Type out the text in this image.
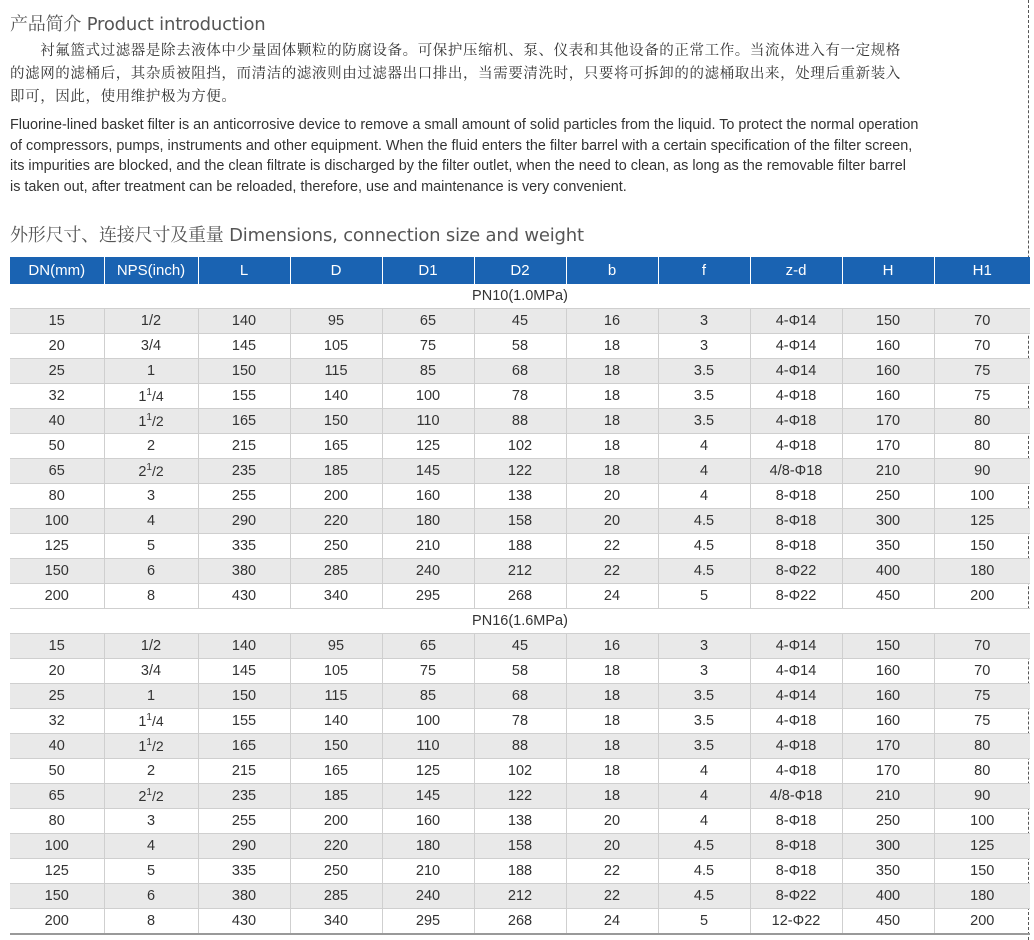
产品简介 Product introduction
　　衬氟篮式过滤器是除去液体中少量固体颗粒的防腐设备。可保护压缩机、泵、仪表和其他设备的正常工作。当流体进入有一定规格
的滤网的滤桶后，其杂质被阻挡，而清洁的滤液则由过滤器出口排出，当需要清洗时，只要将可拆卸的的滤桶取出来，处理后重新装入
即可，因此，使用维护极为方便。
Fluorine-lined basket filter is an anticorrosive device to remove a small amount of solid particles from the liquid. To protect the normal operation
of compressors, pumps, instruments and other equipment. When the fluid enters the filter barrel with a certain specification of the filter screen,
its impurities are blocked, and the clean filtrate is discharged by the filter outlet, when the need to clean, as long as the removable filter barrel
is taken out, after treatment can be reloaded, therefore, use and maintenance is very convenient.
外形尺寸、连接尺寸及重量 Dimensions, connection size and weight
DN(mm)	NPS(inch)	L	D	D1	D2	b	f	z-d	H	H1
PN10(1.0MPa)										
15	1/2	140	95	65	45	16	3	4-Φ14	150	70
20	3/4	145	105	75	58	18	3	4-Φ14	160	70
25	1	150	115	85	68	18	3.5	4-Φ14	160	75
32	$1^1/4$	155	140	100	78	18	3.5	4-Φ18	160	75
40	$1^1/2$	165	150	110	88	18	3.5	4-Φ18	170	80
50	2	215	165	125	102	18	4	4-Φ18	170	80
65	$2^1/2$	235	185	145	122	18	4	4/8-Φ18	210	90
80	3	255	200	160	138	20	4	8-Φ18	250	100
100	4	290	220	180	158	20	4.5	8-Φ18	300	125
125	5	335	250	210	188	22	4.5	8-Φ18	350	150
150	6	380	285	240	212	22	4.5	8-Φ22	400	180
200	8	430	340	295	268	24	5	8-Φ22	450	200
PN16(1.6MPa)										
15	1/2	140	95	65	45	16	3	4-Φ14	150	70
20	3/4	145	105	75	58	18	3	4-Φ14	160	70
25	1	150	115	85	68	18	3.5	4-Φ14	160	75
32	$1^1/4$	155	140	100	78	18	3.5	4-Φ18	160	75
40	$1^1/2$	165	150	110	88	18	3.5	4-Φ18	170	80
50	2	215	165	125	102	18	4	4-Φ18	170	80
65	$2^1/2$	235	185	145	122	18	4	4/8-Φ18	210	90
80	3	255	200	160	138	20	4	8-Φ18	250	100
100	4	290	220	180	158	20	4.5	8-Φ18	300	125
125	5	335	250	210	188	22	4.5	8-Φ18	350	150
150	6	380	285	240	212	22	4.5	8-Φ22	400	180
200	8	430	340	295	268	24	5	12-Φ22	450	200
